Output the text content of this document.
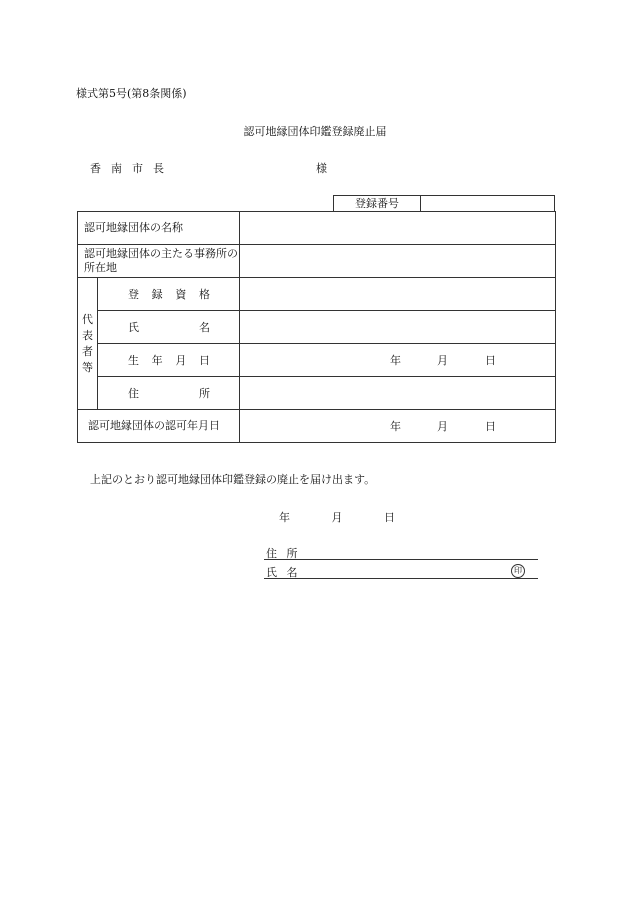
様式第5号(第8条関係)
認可地縁団体印鑑登録廃止届
香南市長	様
登録番号
認可地縁団体の名称		
認可地縁団体の主たる事務所の所在地		

代
表
者
等	登 録 資 格	

	氏 名	

	生 年 月 日	年 月 日

	住 所	

認可地縁団体の認可年月日		年 月 日
上記のとおり認可地縁団体印鑑登録の廃止を届け出ます。
年	月	日
住 所
氏 名	印
